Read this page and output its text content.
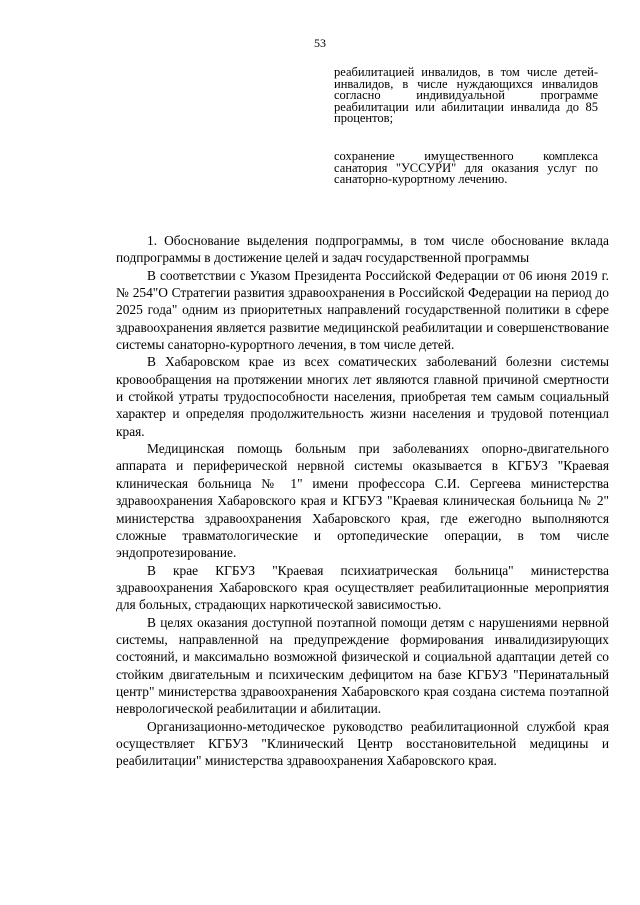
53

реабилитацией инвалидов, в том числе детей-инвалидов, в числе нуждающихся инвалидов согласно индивидуальной программе реабилитации или абилитации инвалида до 85 процентов;

сохранение имущественного комплекса санатория "УССУРИ" для оказания услуг по санаторно-курортному лечению.

1. Обоснование выделения подпрограммы, в том числе обоснование вклада подпрограммы в достижение целей и задач государственной программы

В соответствии с Указом Президента Российской Федерации от 06 июня 2019 г. № 254"О Стратегии развития здравоохранения в Российской Федерации на период до 2025 года" одним из приоритетных направлений государственной политики в сфере здравоохранения является развитие медицинской реабилитации и совершенствование системы санаторно-курортного лечения, в том числе детей.

В Хабаровском крае из всех соматических заболеваний болезни системы кровообращения на протяжении многих лет являются главной причиной смертности и стойкой утраты трудоспособности населения, приобретая тем самым социальный характер и определяя продолжительность жизни населения и трудовой потенциал края.

Медицинская помощь больным при заболеваниях опорно-двигательного аппарата и периферической нервной системы оказывается в КГБУЗ "Краевая клиническая больница № 1" имени профессора С.И. Сергеева министерства здравоохранения Хабаровского края и КГБУЗ "Краевая клиническая больница № 2" министерства здравоохранения Хабаровского края, где ежегодно выполняются сложные травматологические и ортопедические операции, в том числе эндопротезирование.

В крае КГБУЗ "Краевая психиатрическая больница" министерства здравоохранения Хабаровского края осуществляет реабилитационные мероприятия для больных, страдающих наркотической зависимостью.

В целях оказания доступной поэтапной помощи детям с нарушениями нервной системы, направленной на предупреждение формирования инвалидизирующих состояний, и максимально возможной физической и социальной адаптации детей со стойким двигательным и психическим дефицитом на базе КГБУЗ "Перинатальный центр" министерства здравоохранения Хабаровского края создана система поэтапной неврологической реабилитации и абилитации.

Организационно-методическое руководство реабилитационной службой края осуществляет КГБУЗ "Клинический Центр восстановительной медицины и реабилитации" министерства здравоохранения Хабаровского края.
